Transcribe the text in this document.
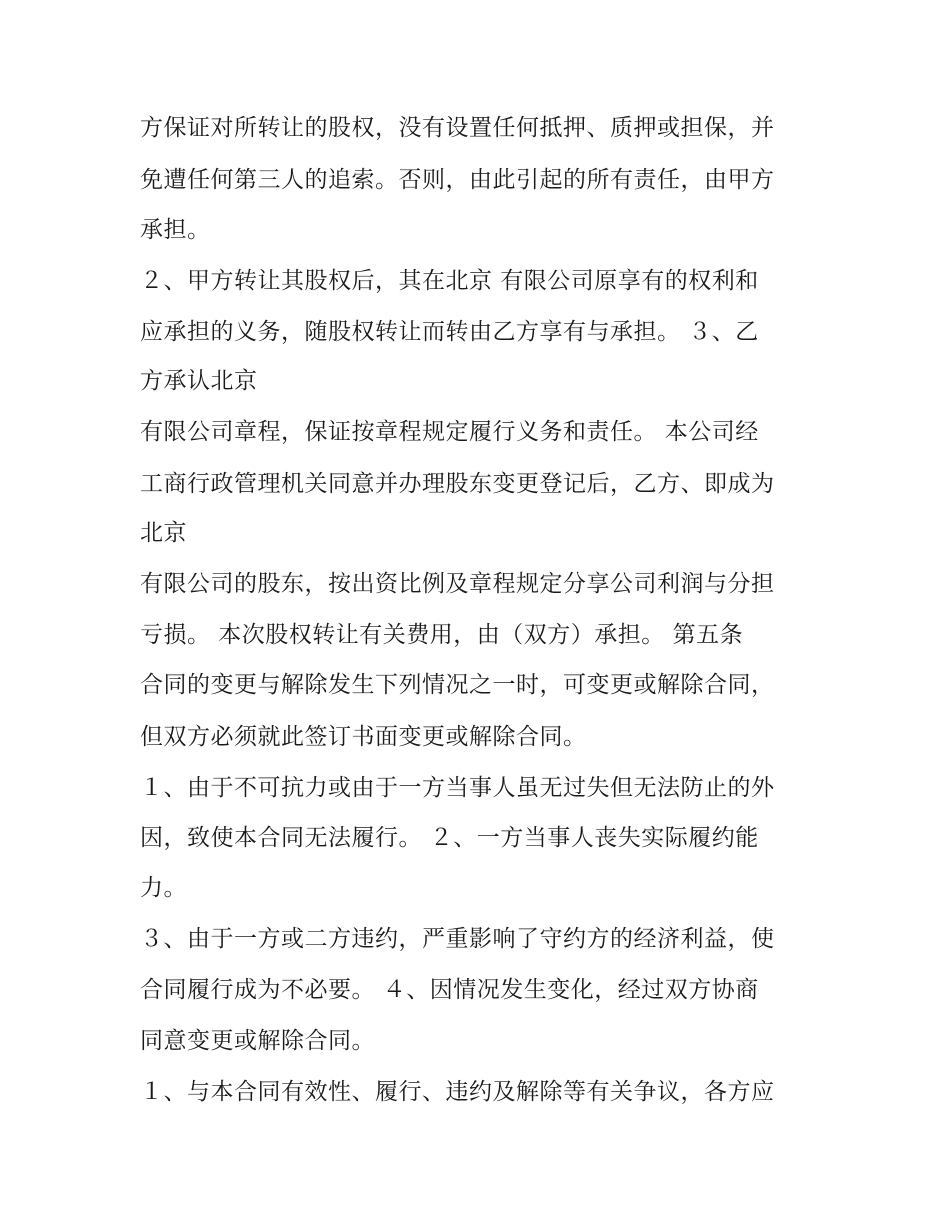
方保证对所转让的股权，没有设置任何抵押、质押或担保，并
免遭任何第三人的追索。否则，由此引起的所有责任，由甲方
承担。
２、甲方转让其股权后，其在北京 有限公司原享有的权利和
应承担的义务，随股权转让而转由乙方享有与承担。 ３、乙
方承认北京
有限公司章程，保证按章程规定履行义务和责任。 本公司经
工商行政管理机关同意并办理股东变更登记后，乙方、即成为
北京
有限公司的股东，按出资比例及章程规定分享公司利润与分担
亏损。 本次股权转让有关费用，由（双方）承担。 第五条
合同的变更与解除发生下列情况之一时，可变更或解除合同，
但双方必须就此签订书面变更或解除合同。
１、由于不可抗力或由于一方当事人虽无过失但无法防止的外
因，致使本合同无法履行。 ２、一方当事人丧失实际履约能
力。
３、由于一方或二方违约，严重影响了守约方的经济利益，使
合同履行成为不必要。 ４、因情况发生变化，经过双方协商
同意变更或解除合同。
１、与本合同有效性、履行、违约及解除等有关争议，各方应
